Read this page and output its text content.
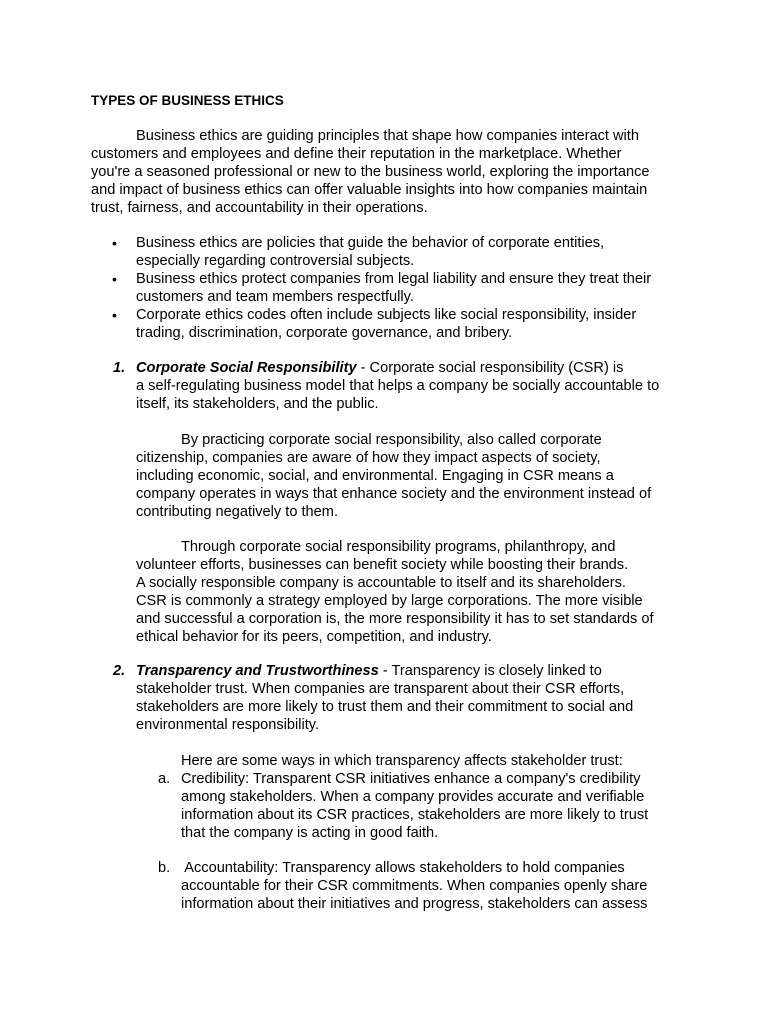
TYPES OF BUSINESS ETHICS

Business ethics are guiding principles that shape how companies interact with

customers and employees and define their reputation in the marketplace. Whether

you're a seasoned professional or new to the business world, exploring the importance

and impact of business ethics can offer valuable insights into how companies maintain

trust, fairness, and accountability in their operations.

• Business ethics are policies that guide the behavior of corporate entities,

especially regarding controversial subjects.

• Business ethics protect companies from legal liability and ensure they treat their

customers and team members respectfully.

• Corporate ethics codes often include subjects like social responsibility, insider

trading, discrimination, corporate governance, and bribery.

1. Corporate Social Responsibility - Corporate social responsibility (CSR) is

a self-regulating business model that helps a company be socially accountable to

itself, its stakeholders, and the public.

By practicing corporate social responsibility, also called corporate

citizenship, companies are aware of how they impact aspects of society,

including economic, social, and environmental. Engaging in CSR means a

company operates in ways that enhance society and the environment instead of

contributing negatively to them.

Through corporate social responsibility programs, philanthropy, and

volunteer efforts, businesses can benefit society while boosting their brands.

A socially responsible company is accountable to itself and its shareholders.

CSR is commonly a strategy employed by large corporations. The more visible

and successful a corporation is, the more responsibility it has to set standards of

ethical behavior for its peers, competition, and industry.

2. Transparency and Trustworthiness - Transparency is closely linked to

stakeholder trust. When companies are transparent about their CSR efforts,

stakeholders are more likely to trust them and their commitment to social and

environmental responsibility.

Here are some ways in which transparency affects stakeholder trust:

a. Credibility: Transparent CSR initiatives enhance a company's credibility

among stakeholders. When a company provides accurate and verifiable

information about its CSR practices, stakeholders are more likely to trust

that the company is acting in good faith.

b. Accountability: Transparency allows stakeholders to hold companies

accountable for their CSR commitments. When companies openly share

information about their initiatives and progress, stakeholders can assess
